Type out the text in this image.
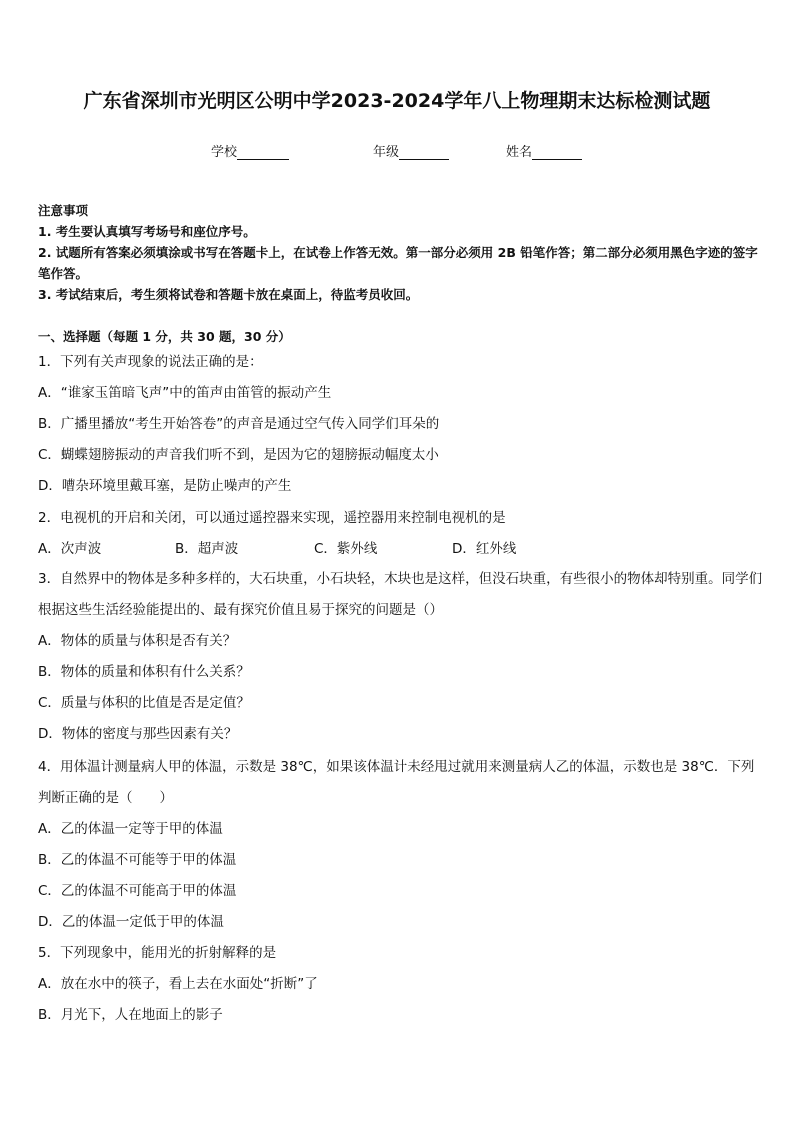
广东省深圳市光明区公明中学2023-2024学年八上物理期末达标检测试题
学校	年级	姓名
注意事项
1. 考生要认真填写考场号和座位序号。
2. 试题所有答案必须填涂或书写在答题卡上，在试卷上作答无效。第一部分必须用 2B 铅笔作答；第二部分必须用黑色字迹的签字笔作答。
3. 考试结束后，考生须将试卷和答题卡放在桌面上，待监考员收回。
一、选择题（每题 1 分，共 30 题，30 分）
1．下列有关声现象的说法正确的是：
A．“谁家玉笛暗飞声”中的笛声由笛管的振动产生
B．广播里播放“考生开始答卷”的声音是通过空气传入同学们耳朵的
C．蝴蝶翅膀振动的声音我们听不到，是因为它的翅膀振动幅度太小
D．嘈杂环境里戴耳塞，是防止噪声的产生
2．电视机的开启和关闭，可以通过遥控器来实现，遥控器用来控制电视机的是
A．次声波	B．超声波	C．紫外线	D．红外线
3．自然界中的物体是多种多样的，大石块重，小石块轻，木块也是这样，但没石块重，有些很小的物体却特别重。同学们根据这些生活经验能提出的、最有探究价值且易于探究的问题是（）
A．物体的质量与体积是否有关？
B．物体的质量和体积有什么关系？
C．质量与体积的比值是否是定值？
D．物体的密度与那些因素有关？
4．用体温计测量病人甲的体温，示数是 38℃，如果该体温计未经甩过就用来测量病人乙的体温，示数也是 38℃．下列判断正确的是（　　）
A．乙的体温一定等于甲的体温
B．乙的体温不可能等于甲的体温
C．乙的体温不可能高于甲的体温
D．乙的体温一定低于甲的体温
5．下列现象中，能用光的折射解释的是
A．放在水中的筷子，看上去在水面处“折断”了
B．月光下，人在地面上的影子
